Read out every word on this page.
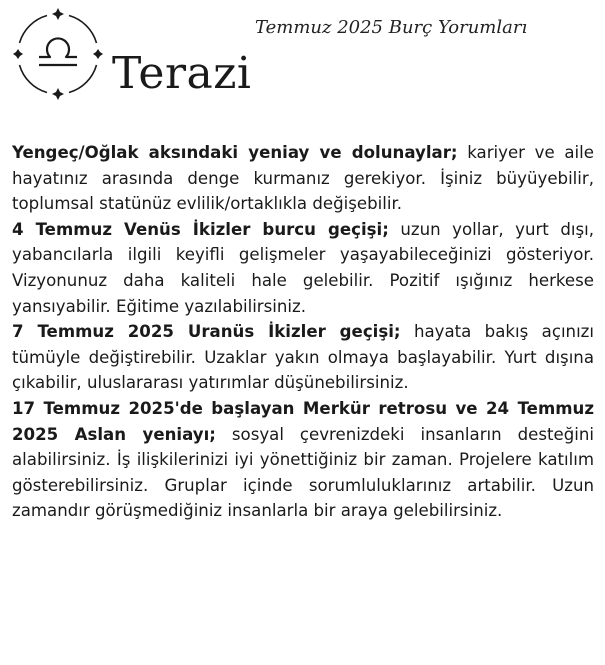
Temmuz 2025 Burç Yorumları
Terazi

Yengeç/Oğlak aksındaki yeniay ve dolunaylar; kariyer ve aile hayatınız arasında denge kurmanız gerekiyor. İşiniz büyüyebilir, toplumsal statünüz evlilik/ortaklıkla değişebilir.

4 Temmuz Venüs İkizler burcu geçişi; uzun yollar, yurt dışı, yabancılarla ilgili keyifli gelişmeler yaşayabileceğinizi gösteriyor. Vizyonunuz daha kaliteli hale gelebilir. Pozitif ışığınız herkese yansıyabilir. Eğitime yazılabilirsiniz.

7 Temmuz 2025 Uranüs İkizler geçişi; hayata bakış açınızı tümüyle değiştirebilir. Uzaklar yakın olmaya başlayabilir. Yurt dışına çıkabilir, uluslararası yatırımlar düşünebilirsiniz.

17 Temmuz 2025'de başlayan Merkür retrosu ve 24 Temmuz 2025 Aslan yeniayı; sosyal çevrenizdeki insanların desteğini alabilirsiniz. İş ilişkilerinizi iyi yönettiğiniz bir zaman. Projelere katılım gösterebilirsiniz. Gruplar içinde sorumluluklarınız artabilir. Uzun zamandır görüşmediğiniz insanlarla bir araya gelebilirsiniz.
